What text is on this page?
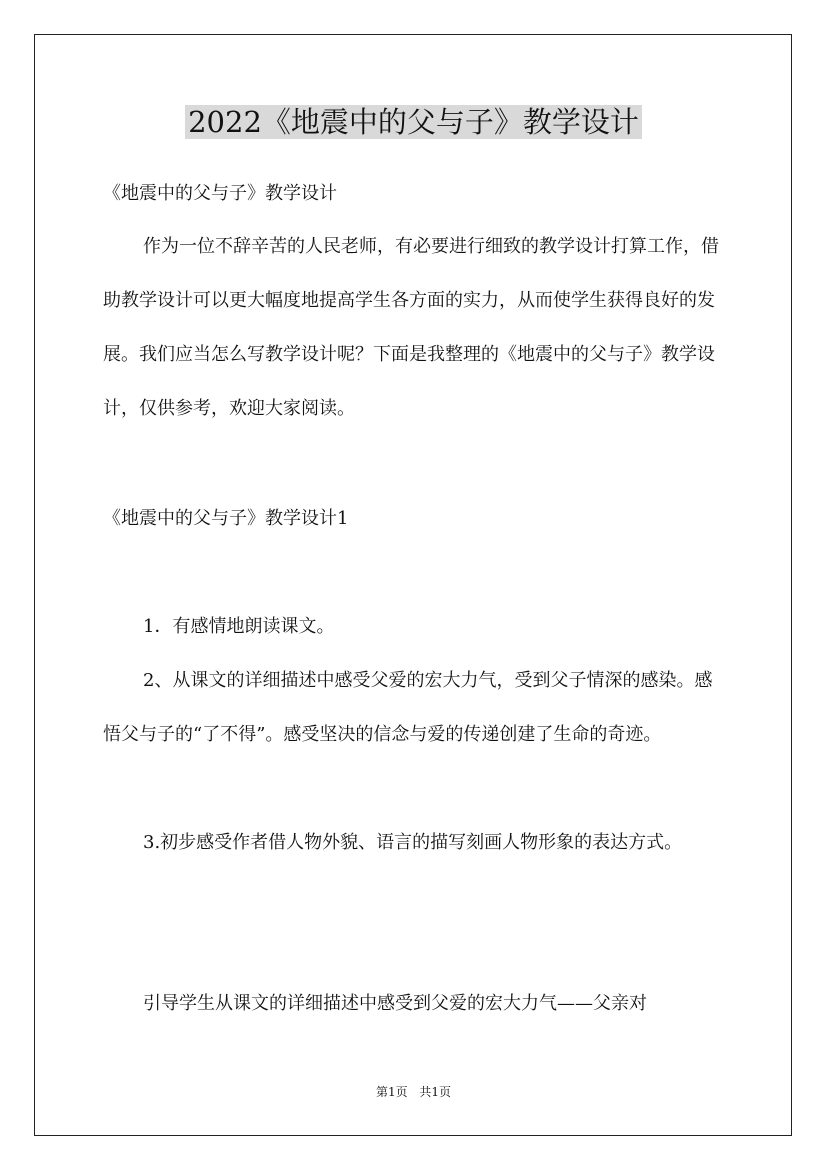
2022《地震中的父与子》教学设计
《地震中的父与子》教学设计
作为一位不辞辛苦的人民老师，有必要进行细致的教学设计打算工作，借助教学设计可以更大幅度地提高学生各方面的实力，从而使学生获得良好的发展。我们应当怎么写教学设计呢？下面是我整理的《地震中的父与子》教学设计，仅供参考，欢迎大家阅读。
《地震中的父与子》教学设计1
1．有感情地朗读课文。
2、从课文的详细描述中感受父爱的宏大力气，受到父子情深的感染。感悟父与子的“了不得”。感受坚决的信念与爱的传递创建了生命的奇迹。
3.初步感受作者借人物外貌、语言的描写刻画人物形象的表达方式。
引导学生从课文的详细描述中感受到父爱的宏大力气——父亲对
第1页 共1页
